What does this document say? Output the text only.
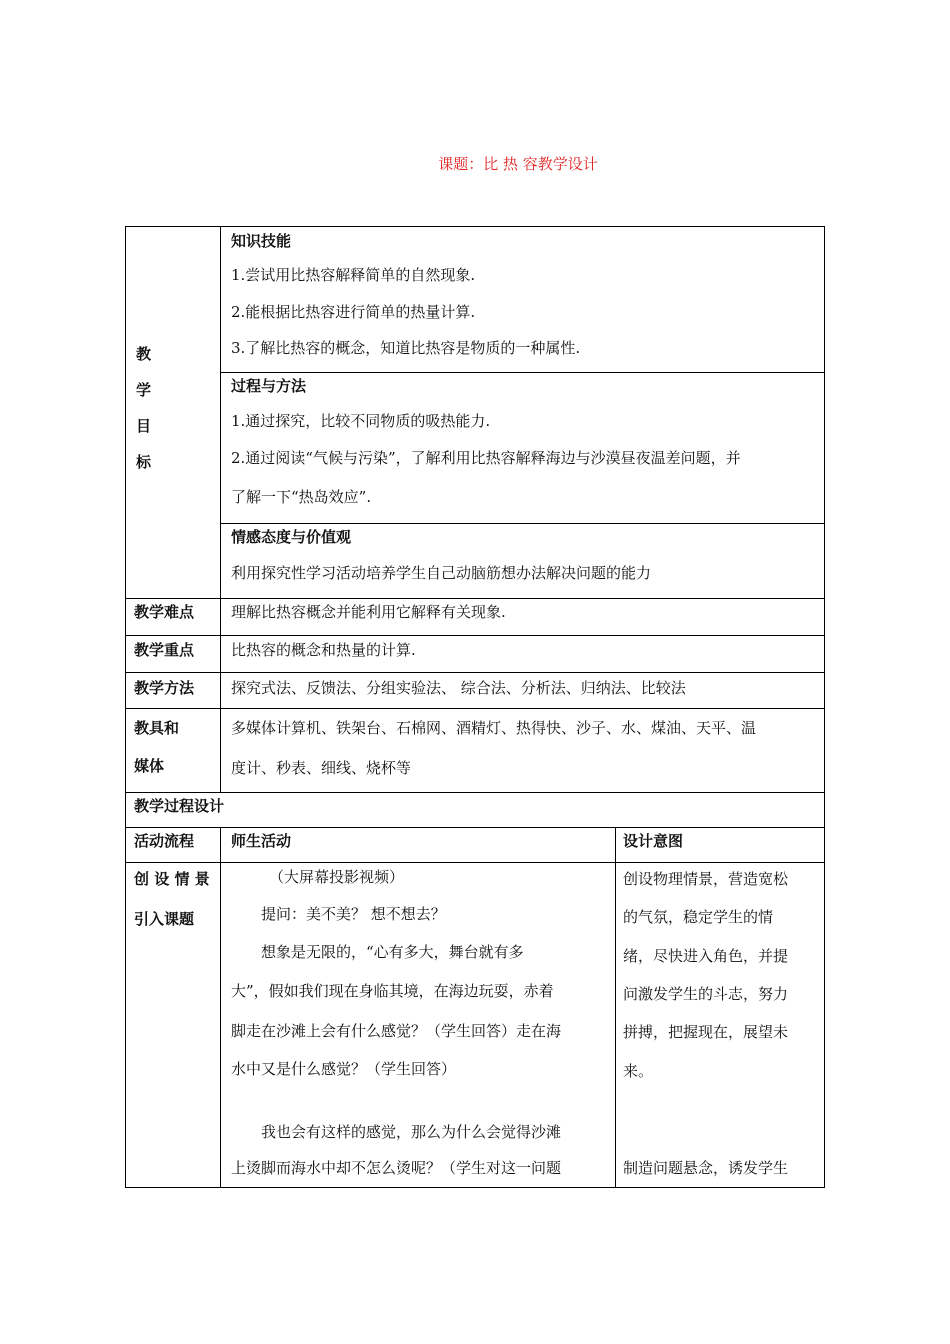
课题：比 热 容教学设计
教
学
目
标
知识技能
1.尝试用比热容解释简单的自然现象.
2.能根据比热容进行简单的热量计算.
3.了解比热容的概念，知道比热容是物质的一种属性.
过程与方法
1.通过探究，比较不同物质的吸热能力.
2.通过阅读“气候与污染”，了解利用比热容解释海边与沙漠昼夜温差问题，并
了解一下“热岛效应”.
情感态度与价值观
利用探究性学习活动培养学生自己动脑筋想办法解决问题的能力
教学难点 理解比热容概念并能利用它解释有关现象.
教学重点 比热容的概念和热量的计算.
教学方法 探究式法、反馈法、分组实验法、 综合法、分析法、归纳法、比较法
教具和
媒体
多媒体计算机、铁架台、石棉网、酒精灯、热得快、沙子、水、煤油、天平、温
度计、秒表、细线、烧杯等
教学过程设计
活动流程 师生活动	设计意图
创 设 情 景
引入课题
（大屏幕投影视频）
提问：美不美？ 想不想去？
想象是无限的，“心有多大，舞台就有多
大”，假如我们现在身临其境，在海边玩耍，赤着
脚走在沙滩上会有什么感觉？（学生回答）走在海
水中又是什么感觉？（学生回答）
我也会有这样的感觉，那么为什么会觉得沙滩
上烫脚而海水中却不怎么烫呢？（学生对这一问题
创设物理情景，营造宽松
的气氛，稳定学生的情
绪，尽快进入角色，并提
问激发学生的斗志，努力
拼搏，把握现在，展望未
来。
制造问题悬念，诱发学生
